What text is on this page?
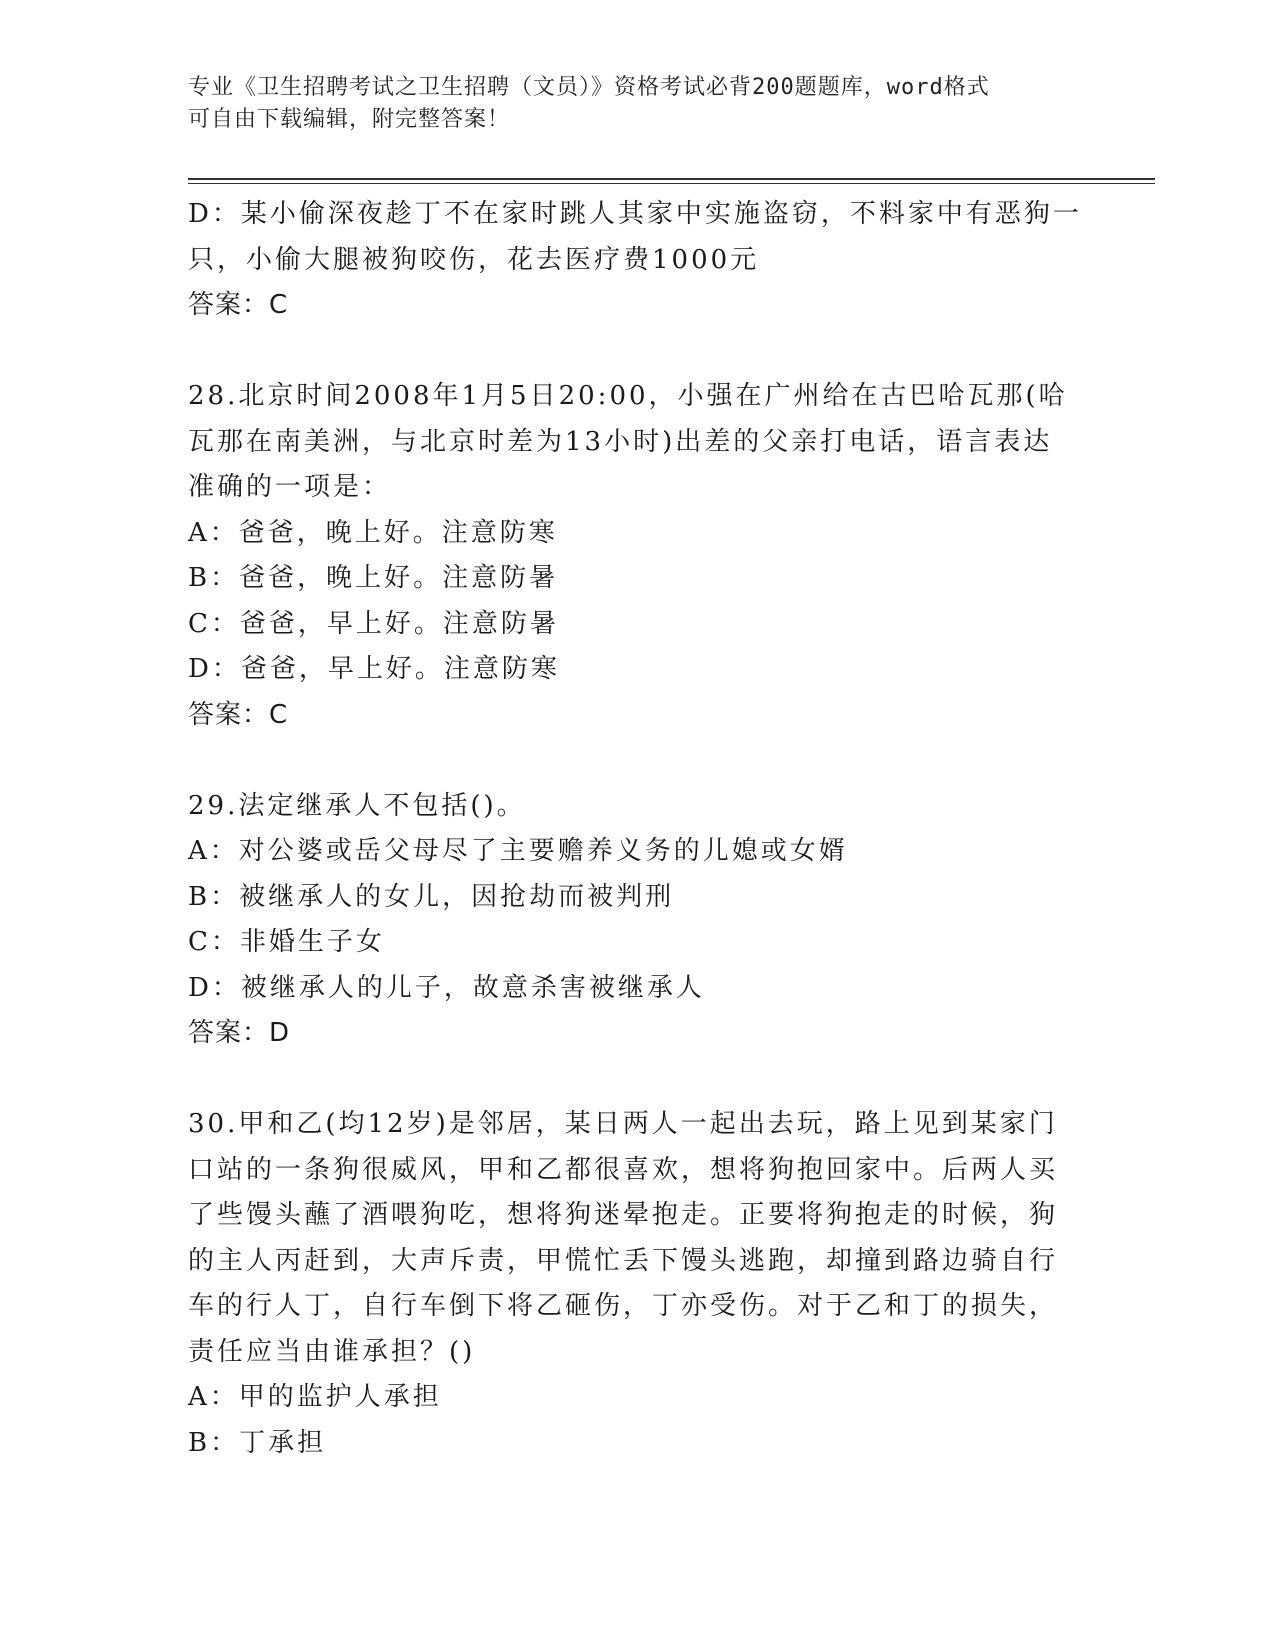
专业《卫生招聘考试之卫生招聘（文员）》资格考试必背200题题库，word格式
可自由下载编辑，附完整答案！
D：某小偷深夜趁丁不在家时跳人其家中实施盗窃，不料家中有恶狗一
只，小偷大腿被狗咬伤，花去医疗费1000元
答案：C
28.北京时间2008年1月5日20:00，小强在广州给在古巴哈瓦那(哈
瓦那在南美洲，与北京时差为13小时)出差的父亲打电话，语言表达
准确的一项是：
A：爸爸，晚上好。注意防寒
B：爸爸，晚上好。注意防暑
C：爸爸，早上好。注意防暑
D：爸爸，早上好。注意防寒
答案：C
29.法定继承人不包括()。
A：对公婆或岳父母尽了主要赡养义务的儿媳或女婿
B：被继承人的女儿，因抢劫而被判刑
C：非婚生子女
D：被继承人的儿子，故意杀害被继承人
答案：D
30.甲和乙(均12岁)是邻居，某日两人一起出去玩，路上见到某家门
口站的一条狗很威风，甲和乙都很喜欢，想将狗抱回家中。后两人买
了些馒头蘸了酒喂狗吃，想将狗迷晕抱走。正要将狗抱走的时候，狗
的主人丙赶到，大声斥责，甲慌忙丢下馒头逃跑，却撞到路边骑自行
车的行人丁，自行车倒下将乙砸伤，丁亦受伤。对于乙和丁的损失，
责任应当由谁承担？()
A：甲的监护人承担
B：丁承担
